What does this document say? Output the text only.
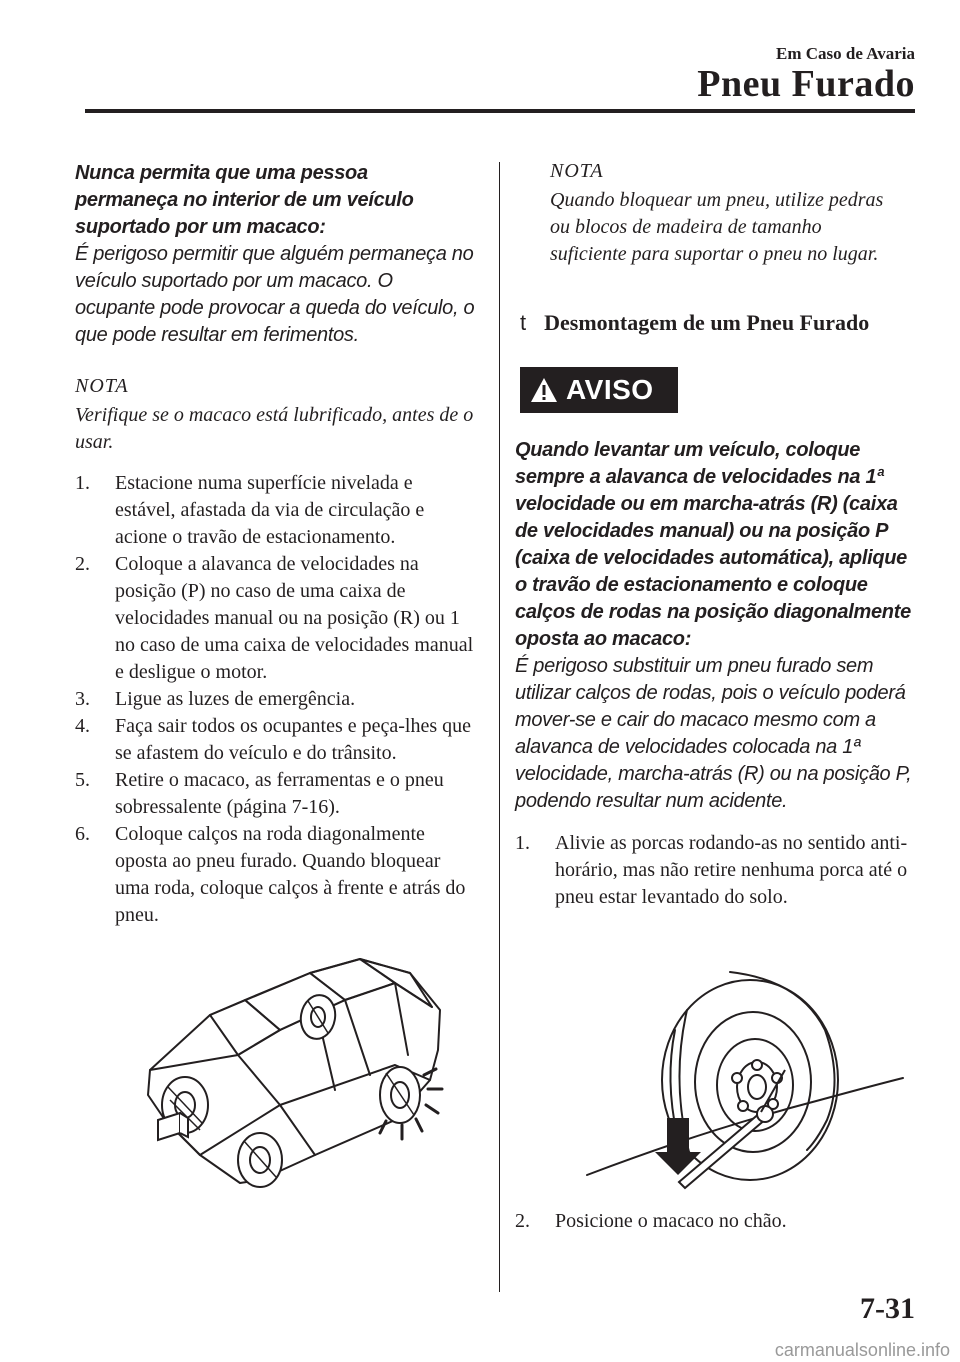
Em Caso de Avaria
Pneu Furado
Nunca permita que uma pessoa permaneça no interior de um veículo suportado por um macaco:
É perigoso permitir que alguém permaneça no veículo suportado por um macaco. O ocupante pode provocar a queda do veículo, o que pode resultar em ferimentos.
NOTA
Verifique se o macaco está lubrificado, antes de o usar.
1.	Estacione numa superfície nivelada e estável, afastada da via de circulação e acione o travão de estacionamento.
2.	Coloque a alavanca de velocidades na posição (P) no caso de uma caixa de velocidades manual ou na posição (R) ou 1 no caso de uma caixa de velocidades manual e desligue o motor.
3.	Ligue as luzes de emergência.
4.	Faça sair todos os ocupantes e peça-lhes que se afastem do veículo e do trânsito.
5.	Retire o macaco, as ferramentas e o pneu sobressalente (página 7-16).
6.	Coloque calços na roda diagonalmente oposta ao pneu furado. Quando bloquear uma roda, coloque calços à frente e atrás do pneu.
NOTA
Quando bloquear um pneu, utilize pedras ou blocos de madeira de tamanho suficiente para suportar o pneu no lugar.
t Desmontagem de um Pneu Furado
AVISO
Quando levantar um veículo, coloque sempre a alavanca de velocidades na 1ª velocidade ou em marcha-atrás (R) (caixa de velocidades manual) ou na posição P (caixa de velocidades automática), aplique o travão de estacionamento e coloque calços de rodas na posição diagonalmente oposta ao macaco:
É perigoso substituir um pneu furado sem utilizar calços de rodas, pois o veículo poderá mover-se e cair do macaco mesmo com a alavanca de velocidades colocada na 1ª velocidade, marcha-atrás (R) ou na posição P, podendo resultar num acidente.
1.	Alivie as porcas rodando-as no sentido anti-horário, mas não retire nenhuma porca até o pneu estar levantado do solo.
2.	Posicione o macaco no chão.
7-31
carmanualsonline.info
